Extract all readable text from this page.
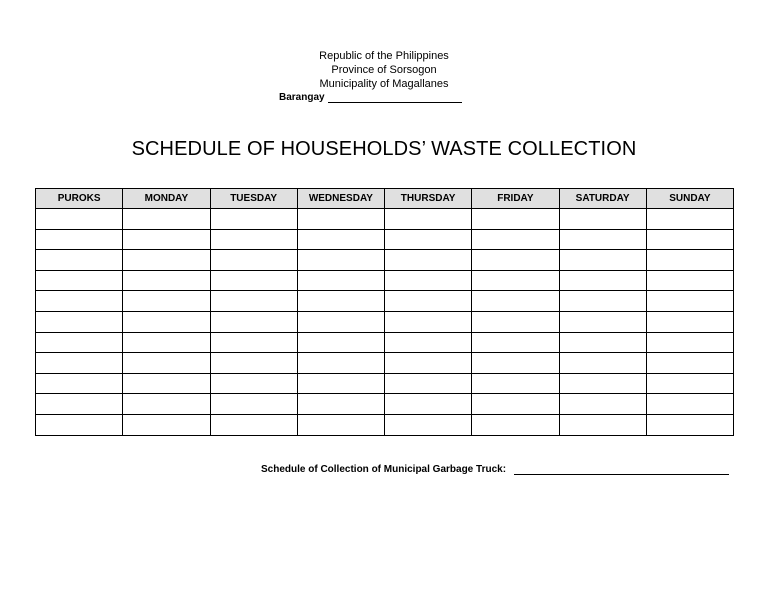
Republic of the Philippines
Province of Sorsogon
Municipality of Magallanes
Barangay
SCHEDULE OF HOUSEHOLDS’ WASTE COLLECTION
PUROKS	MONDAY	TUESDAY	WEDNESDAY	THURSDAY	FRIDAY	SATURDAY	SUNDAY

Schedule of Collection of Municipal Garbage Truck:
